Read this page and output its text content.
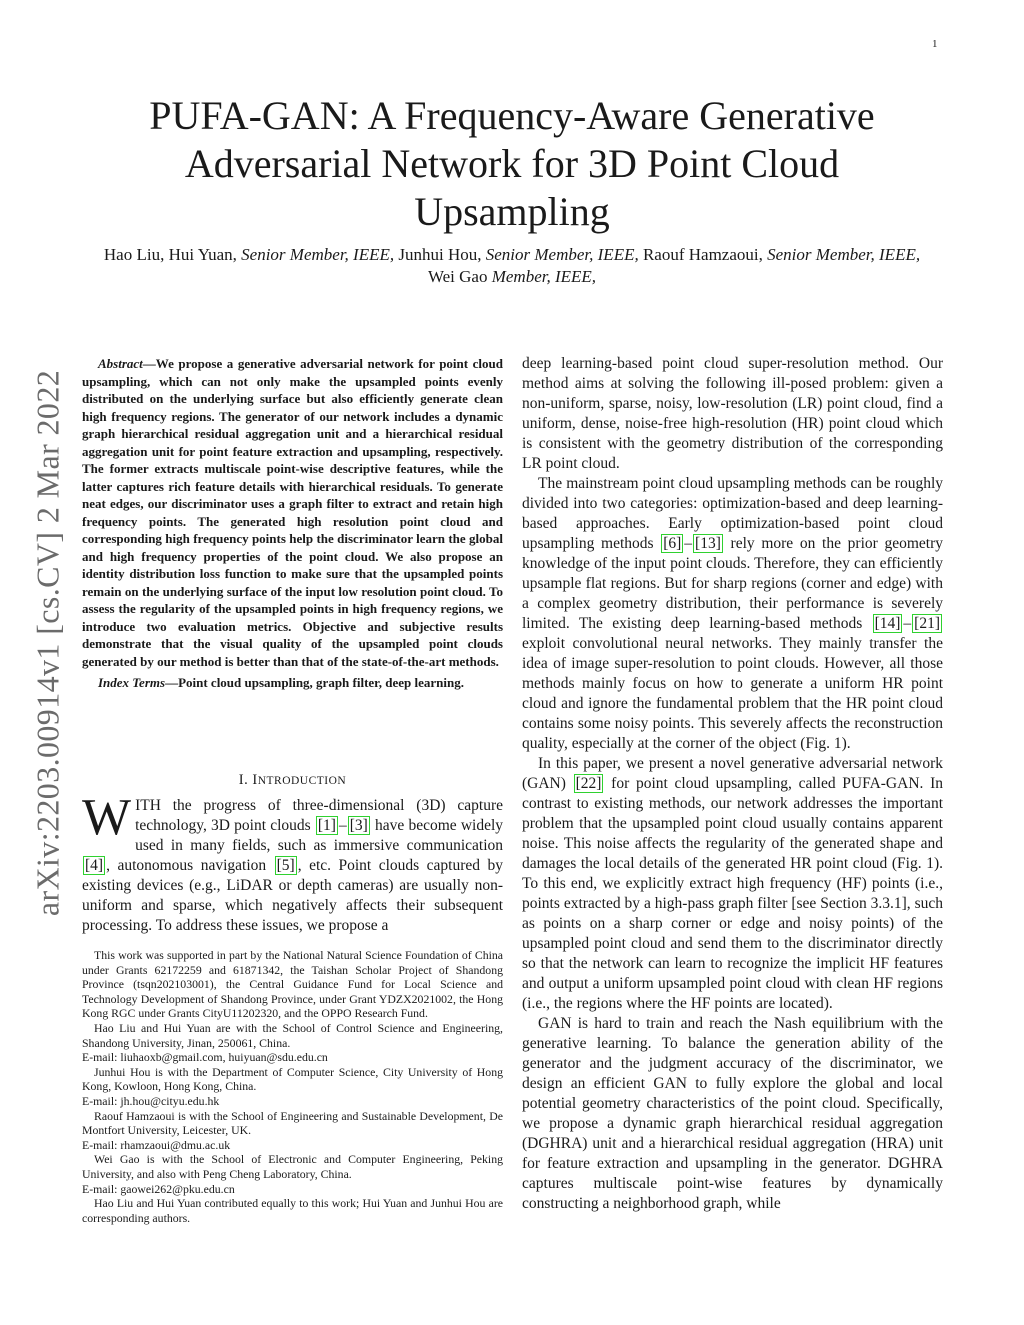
1
arXiv:2203.00914v1 [cs.CV] 2 Mar 2022
PUFA-GAN: A Frequency-Aware Generative Adversarial Network for 3D Point Cloud Upsampling
Hao Liu, Hui Yuan, Senior Member, IEEE, Junhui Hou, Senior Member, IEEE, Raouf Hamzaoui, Senior Member, IEEE, Wei Gao Member, IEEE,

Abstract—We propose a generative adversarial network for point cloud upsampling, which can not only make the upsampled points evenly distributed on the underlying surface but also efficiently generate clean high frequency regions. The generator of our network includes a dynamic graph hierarchical residual aggregation unit and a hierarchical residual aggregation unit for point feature extraction and upsampling, respectively. The former extracts multiscale point-wise descriptive features, while the latter captures rich feature details with hierarchical residuals. To generate neat edges, our discriminator uses a graph filter to extract and retain high frequency points. The generated high resolution point cloud and corresponding high frequency points help the discriminator learn the global and high frequency properties of the point cloud. We also propose an identity distribution loss function to make sure that the upsampled points remain on the underlying surface of the input low resolution point cloud. To assess the regularity of the upsampled points in high frequency regions, we introduce two evaluation metrics. Objective and subjective results demonstrate that the visual quality of the upsampled point clouds generated by our method is better than that of the state-of-the-art methods.

Index Terms—Point cloud upsampling, graph filter, deep learning.

I. INTRODUCTION

WITH the progress of three-dimensional (3D) capture technology, 3D point clouds [1] – [3] have become widely used in many fields, such as immersive communication [4] , autonomous navigation [5] , etc. Point clouds captured by existing devices (e.g., LiDAR or depth cameras) are usually non-uniform and sparse, which negatively affects their subsequent processing. To address these issues, we propose a

This work was supported in part by the National Natural Science Foundation of China under Grants 62172259 and 61871342, the Taishan Scholar Project of Shandong Province (tsqn202103001), the Central Guidance Fund for Local Science and Technology Development of Shandong Province, under Grant YDZX2021002, the Hong Kong RGC under Grants CityU11202320, and the OPPO Research Fund.

Hao Liu and Hui Yuan are with the School of Control Science and Engineering, Shandong University, Jinan, 250061, China.

E-mail: liuhaoxb@gmail.com, huiyuan@sdu.edu.cn

Junhui Hou is with the Department of Computer Science, City University of Hong Kong, Kowloon, Hong Kong, China.

E-mail: jh.hou@cityu.edu.hk

Raouf Hamzaoui is with the School of Engineering and Sustainable Development, De Montfort University, Leicester, UK.

E-mail: rhamzaoui@dmu.ac.uk

Wei Gao is with the School of Electronic and Computer Engineering, Peking University, and also with Peng Cheng Laboratory, China.

E-mail: gaowei262@pku.edu.cn

Hao Liu and Hui Yuan contributed equally to this work; Hui Yuan and Junhui Hou are corresponding authors.

deep learning-based point cloud super-resolution method. Our method aims at solving the following ill-posed problem: given a non-uniform, sparse, noisy, low-resolution (LR) point cloud, find a uniform, dense, noise-free high-resolution (HR) point cloud which is consistent with the geometry distribution of the corresponding LR point cloud.

The mainstream point cloud upsampling methods can be roughly divided into two categories: optimization-based and deep learning-based approaches. Early optimization-based point cloud upsampling methods [6] – [13] rely more on the prior geometry knowledge of the input point clouds. Therefore, they can efficiently upsample flat regions. But for sharp regions (corner and edge) with a complex geometry distribution, their performance is severely limited. The existing deep learning-based methods [14] – [21] exploit convolutional neural networks. They mainly transfer the idea of image super-resolution to point clouds. However, all those methods mainly focus on how to generate a uniform HR point cloud and ignore the fundamental problem that the HR point cloud contains some noisy points. This severely affects the reconstruction quality, especially at the corner of the object (Fig. 1).

In this paper, we present a novel generative adversarial network (GAN) [22] for point cloud upsampling, called PUFA-GAN. In contrast to existing methods, our network addresses the important problem that the upsampled point cloud usually contains apparent noise. This noise affects the regularity of the generated shape and damages the local details of the generated HR point cloud (Fig. 1). To this end, we explicitly extract high frequency (HF) points (i.e., points extracted by a high-pass graph filter [see Section 3.3.1], such as points on a sharp corner or edge and noisy points) of the upsampled point cloud and send them to the discriminator directly so that the network can learn to recognize the implicit HF features and output a uniform upsampled point cloud with clean HF regions (i.e., the regions where the HF points are located).

GAN is hard to train and reach the Nash equilibrium with the generative learning. To balance the generation ability of the generator and the judgment accuracy of the discriminator, we design an efficient GAN to fully explore the global and local potential geometry characteristics of the point cloud. Specifically, we propose a dynamic graph hierarchical residual aggregation (DGHRA) unit and a hierarchical residual aggregation (HRA) unit for feature extraction and upsampling in the generator. DGHRA captures multiscale point-wise features by dynamically constructing a neighborhood graph, while
